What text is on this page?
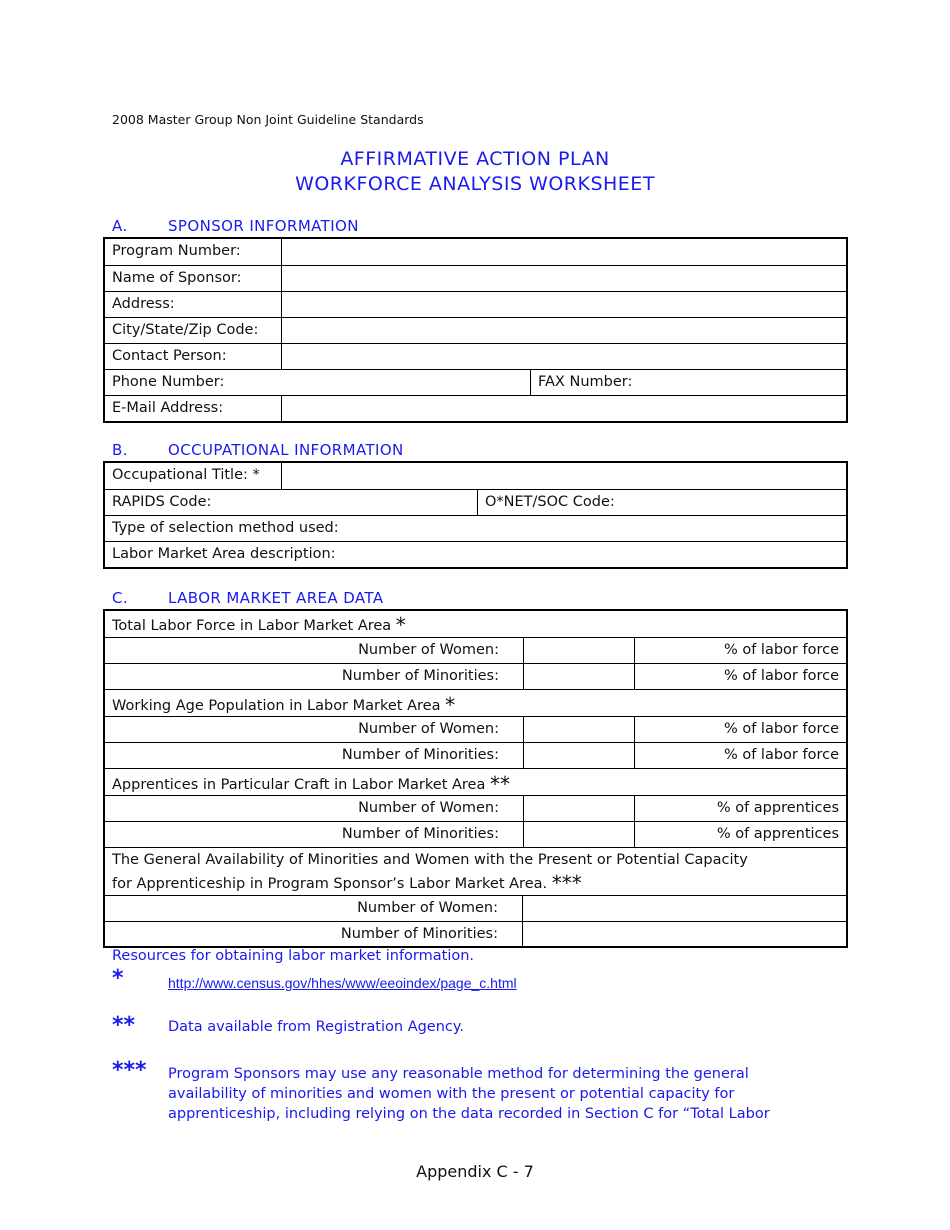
2008 Master Group Non Joint Guideline Standards
AFFIRMATIVE ACTION PLAN
WORKFORCE ANALYSIS WORKSHEET
A.	SPONSOR INFORMATION
Program Number:
Name of Sponsor:
Address:
City/State/Zip Code:
Contact Person:
Phone Number:	FAX Number:
E-Mail Address:
B.	OCCUPATIONAL INFORMATION
Occupational Title: *
RAPIDS Code:	O*NET/SOC Code:
Type of selection method used:
Labor Market Area description:
C.	LABOR MARKET AREA DATA
Total Labor Force in Labor Market Area *
Number of Women:	% of labor force
Number of Minorities:	% of labor force
Working Age Population in Labor Market Area *
Number of Women:	% of labor force
Number of Minorities:	% of labor force
Apprentices in Particular Craft in Labor Market Area **
Number of Women:	% of apprentices
Number of Minorities:	% of apprentices
The General Availability of Minorities and Women with the Present or Potential Capacity
for Apprenticeship in Program Sponsor’s Labor Market Area. ***
Number of Women:
Number of Minorities:
Resources for obtaining labor market information.
*	http://www.census.gov/hhes/www/eeoindex/page_c.html
** Data available from Registration Agency.
*** Program Sponsors may use any reasonable method for determining the general
availability of minorities and women with the present or potential capacity for
apprenticeship, including relying on the data recorded in Section C for “Total Labor
Appendix C - 7
